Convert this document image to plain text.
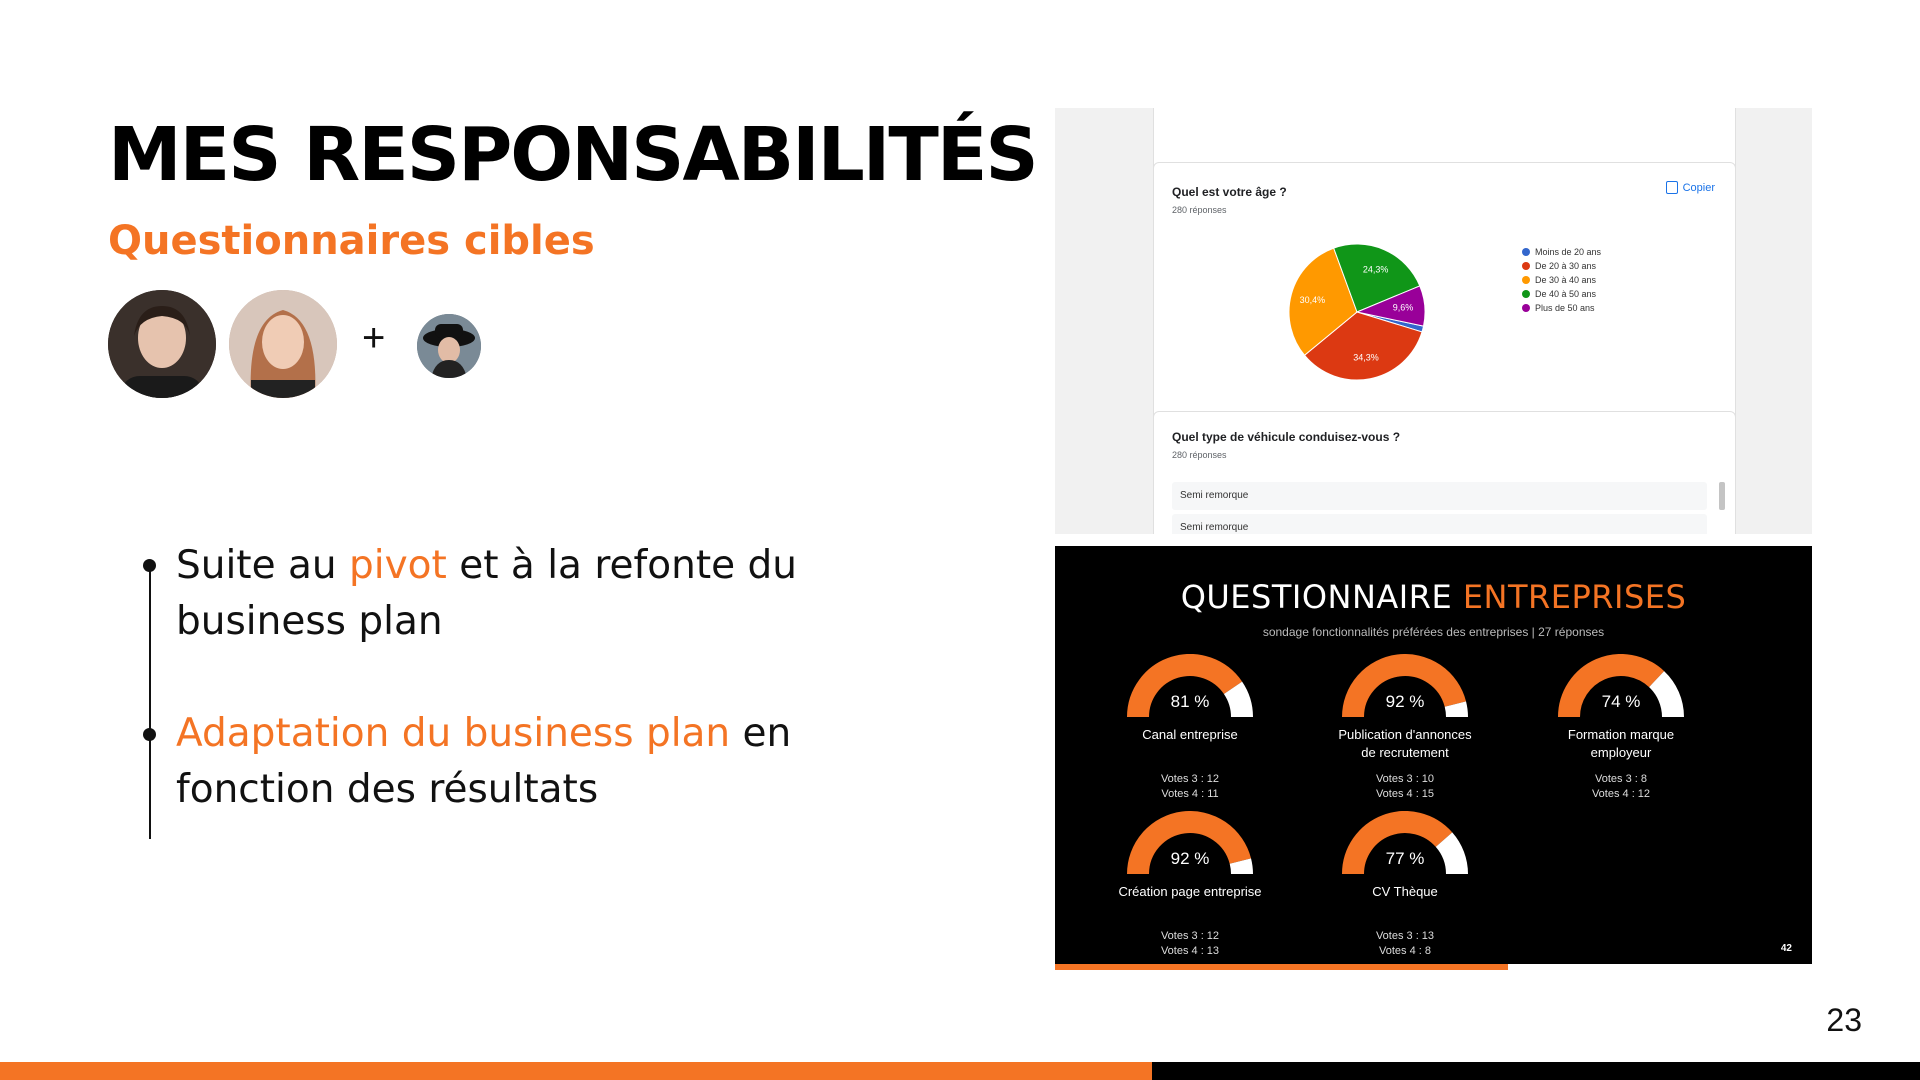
MES RESPONSABILITÉS
Questionnaires cibles
+
Suite au pivot et à la refonte du business plan
Adaptation du business plan en fonction des résultats
Quel est votre âge ?
280 réponses
Copier
34,3%
30,4%
24,3%
9,6%
Moins de 20 ans
De 20 à 30 ans
De 30 à 40 ans
De 40 à 50 ans
Plus de 50 ans
Quel type de véhicule conduisez-vous ?
280 réponses
Semi remorque
Semi remorque
QUESTIONNAIRE ENTREPRISES
sondage fonctionnalités préférées des entreprises | 27 réponses
81 %
Canal entreprise
Votes 3 : 12
Votes 4 : 11
92 %
Publication d'annonces
de recrutement
Votes 3 : 10
Votes 4 : 15
74 %
Formation marque
employeur
Votes 3 : 8
Votes 4 : 12
92 %
Création page entreprise
Votes 3 : 12
Votes 4 : 13
77 %
CV Thèque
Votes 3 : 13
Votes 4 : 8	42
23
